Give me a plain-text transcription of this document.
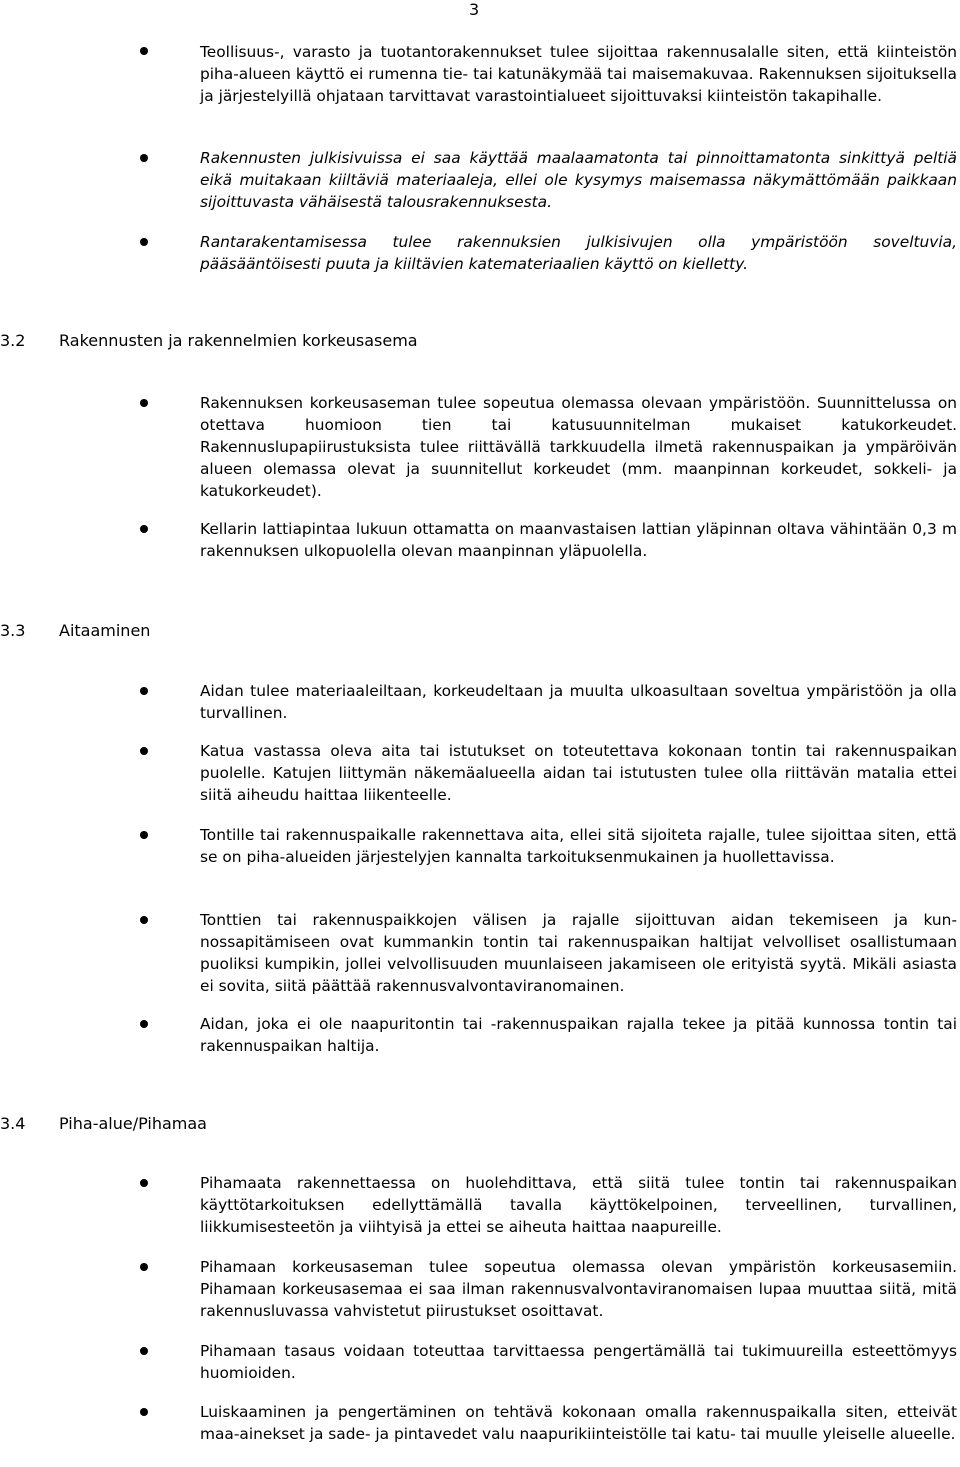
3
Teollisuus-, varasto ja tuotantorakennukset tulee sijoittaa rakennusalalle siten, että kiinteistön piha-alueen käyttö ei rumenna tie- tai katunäkymää tai maisemakuvaa. Rakennuksen sijoituksella ja järjestelyillä ohjataan tarvittavat varastointialueet sijoittuvaksi kiinteistön takapihalle.
Rakennusten julkisivuissa ei saa käyttää maalaamatonta tai pinnoittamatonta sinkittyä peltiä eikä muitakaan kiiltäviä materiaaleja, ellei ole kysymys maisemassa näkymättömään paikkaan sijoittuvasta vähäisestä talousrakennuksesta.
Rantarakentamisessa tulee rakennuksien julkisivujen olla ympäristöön soveltuvia, pääsääntöisesti puuta ja kiiltävien katemateriaalien käyttö on kielletty.
3.2 Rakennusten ja rakennelmien korkeusasema
Rakennuksen korkeusaseman tulee sopeutua olemassa olevaan ympäristöön. Suunnittelussa on otettava huomioon tien tai katusuunnitelman mukaiset katukorkeudet. Rakennuslupapiirustuksista tulee riittävällä tarkkuudella ilmetä rakennuspaikan ja ympäröivän alueen olemassa olevat ja suunnitellut korkeudet (mm. maanpinnan korkeudet, sokkeli- ja katukorkeudet).
Kellarin lattiapintaa lukuun ottamatta on maanvastaisen lattian yläpinnan oltava vähintään 0,3 m rakennuksen ulkopuolella olevan maanpinnan yläpuolella.
3.3 Aitaaminen
Aidan tulee materiaaleiltaan, korkeudeltaan ja muulta ulkoasultaan soveltua ympäristöön ja olla turvallinen.
Katua vastassa oleva aita tai istutukset on toteutettava kokonaan tontin tai rakennuspaikan puolelle. Katujen liittymän näkemäalueella aidan tai istutusten tulee olla riittävän matalia ettei siitä aiheudu haittaa liikenteelle.
Tontille tai rakennuspaikalle rakennettava aita, ellei sitä sijoiteta rajalle, tulee sijoittaa siten, että se on piha-alueiden järjestelyjen kannalta tarkoituksenmukainen ja huollettavissa.
Tonttien tai rakennuspaikkojen välisen ja rajalle sijoittuvan aidan tekemiseen ja kunnossapitämiseen ovat kummankin tontin tai rakennuspaikan haltijat velvolliset osallistumaan puoliksi kumpikin, jollei velvollisuuden muunlaiseen jakamiseen ole erityistä syytä. Mikäli asiasta ei sovita, siitä päättää rakennusvalvontaviranomainen.
Aidan, joka ei ole naapuritontin tai -rakennuspaikan rajalla tekee ja pitää kunnossa tontin tai rakennuspaikan haltija.
3.4 Piha-alue/Pihamaa
Pihamaata rakennettaessa on huolehdittava, että siitä tulee tontin tai rakennuspaikan käyttötarkoituksen edellyttämällä tavalla käyttökelpoinen, terveellinen, turvallinen, liikkumisesteetön ja viihtyisä ja ettei se aiheuta haittaa naapureille.
Pihamaan korkeusaseman tulee sopeutua olemassa olevan ympäristön korkeusasemiin. Pihamaan korkeusasemaa ei saa ilman rakennusvalvontaviranomaisen lupaa muuttaa siitä, mitä rakennusluvassa vahvistetut piirustukset osoittavat.
Pihamaan tasaus voidaan toteuttaa tarvittaessa pengertämällä tai tukimuureilla esteettömyys huomioiden.
Luiskaaminen ja pengertäminen on tehtävä kokonaan omalla rakennuspaikalla siten, etteivät maa-ainekset ja sade- ja pintavedet valu naapurikiinteistölle tai katu- tai muulle yleiselle alueelle.
